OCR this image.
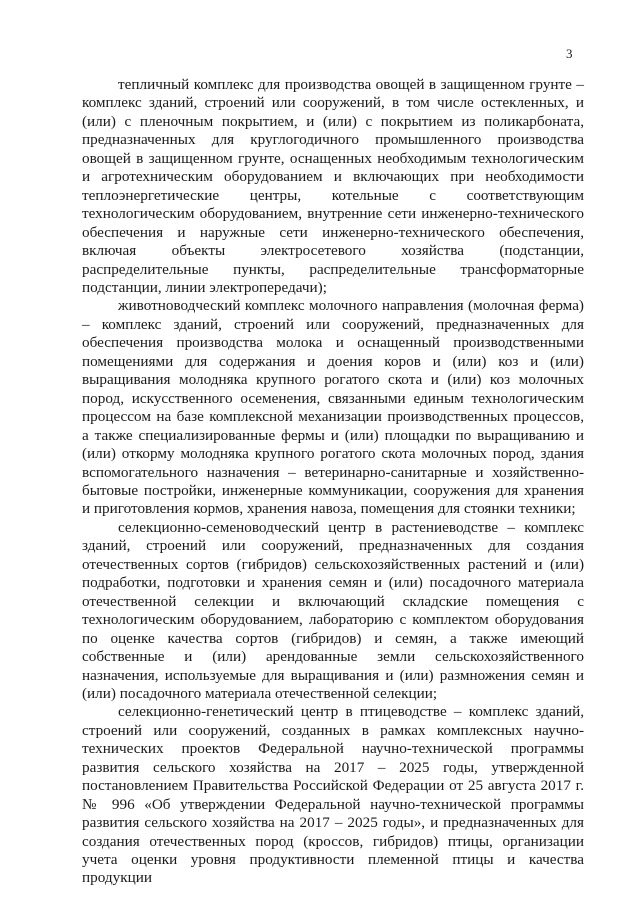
3

тепличный комплекс для производства овощей в защищенном грунте – комплекс зданий, строений или сооружений, в том числе остекленных, и (или) с пленочным покрытием, и (или) с покрытием из поликарбоната, предназначенных для круглогодичного промышленного производства овощей в защищенном грунте, оснащенных необходимым технологическим и агротехническим оборудованием и включающих при необходимости теплоэнергетические центры, котельные с соответствующим технологическим оборудованием, внутренние сети инженерно-технического обеспечения и наружные сети инженерно-технического обеспечения, включая объекты электросетевого хозяйства (подстанции, распределительные пункты, распределительные трансформаторные подстанции, линии электропередачи);

животноводческий комплекс молочного направления (молочная ферма) – комплекс зданий, строений или сооружений, предназначенных для обеспечения производства молока и оснащенный производственными помещениями для содержания и доения коров и (или) коз и (или) выращивания молодняка крупного рогатого скота и (или) коз молочных пород, искусственного осеменения, связанными единым технологическим процессом на базе комплексной механизации производственных процессов, а также специализированные фермы и (или) площадки по выращиванию и (или) откорму молодняка крупного рогатого скота молочных пород, здания вспомогательного назначения – ветеринарно-санитарные и хозяйственно-бытовые постройки, инженерные коммуникации, сооружения для хранения и приготовления кормов, хранения навоза, помещения для стоянки техники;

селекционно-семеноводческий центр в растениеводстве – комплекс зданий, строений или сооружений, предназначенных для создания отечественных сортов (гибридов) сельскохозяйственных растений и (или) подработки, подготовки и хранения семян и (или) посадочного материала отечественной селекции и включающий складские помещения с технологическим оборудованием, лабораторию с комплектом оборудования по оценке качества сортов (гибридов) и семян, а также имеющий собственные и (или) арендованные земли сельскохозяйственного назначения, используемые для выращивания и (или) размножения семян и (или) посадочного материала отечественной селекции;

селекционно-генетический центр в птицеводстве – комплекс зданий, строений или сооружений, созданных в рамках комплексных научно-технических проектов Федеральной научно-технической программы развития сельского хозяйства на 2017 – 2025 годы, утвержденной постановлением Правительства Российской Федерации от 25 августа 2017 г. № 996 «Об утверждении Федеральной научно-технической программы развития сельского хозяйства на 2017 – 2025 годы», и предназначенных для создания отечественных пород (кроссов, гибридов) птицы, организации учета оценки уровня продуктивности племенной птицы и качества продукции
